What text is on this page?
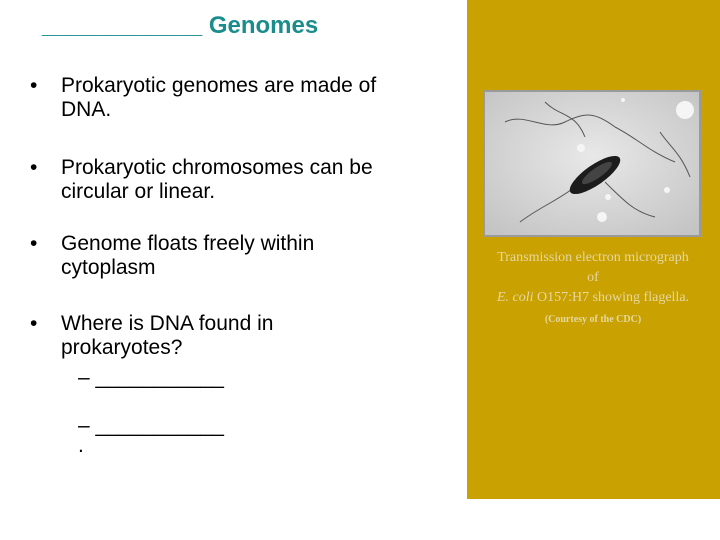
____________ Genomes
•	Prokaryotic genomes are made of DNA.
•	Prokaryotic chromosomes can be circular or linear.
•	Genome floats freely within cytoplasm
•	Where is DNA found in prokaryotes?
– ___________
– ___________
.
Transmission electron micrograph of
E. coli O157:H7 showing flagella. (Courtesy of the CDC)
